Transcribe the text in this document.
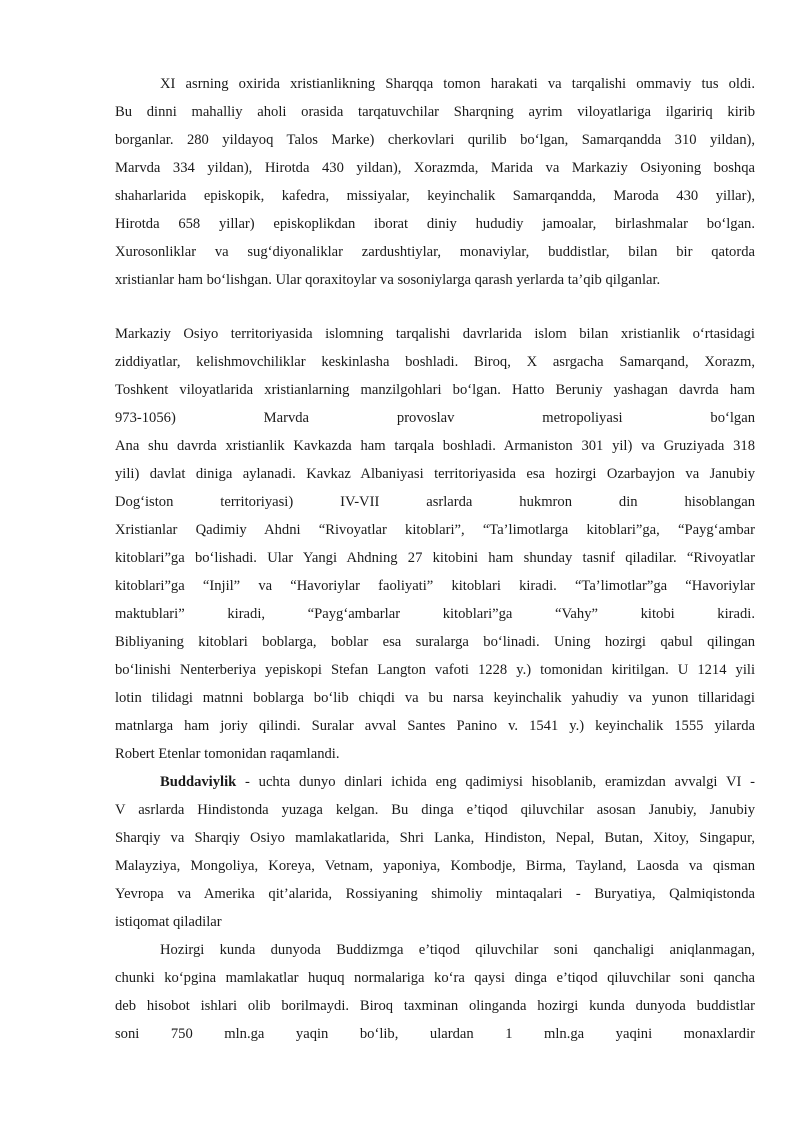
XI asrning oxirida xristianlikning Sharqqa tomon harakati va tarqalishi ommaviy tus oldi.
Bu dinni mahalliy aholi orasida tarqatuvchilar Sharqning ayrim viloyatlariga ilgaririq kirib
borganlar. 280 yildayoq Talos Marke) cherkovlari qurilib bo‘lgan, Samarqandda 310 yildan),
Marvda 334 yildan), Hirotda 430 yildan), Xorazmda, Marida va Markaziy Osiyoning boshqa
shaharlarida episkopik, kafedra, missiyalar, keyinchalik Samarqandda, Maroda 430 yillar),
Hirotda 658 yillar) episkoplikdan iborat diniy hududiy jamoalar, birlashmalar bo‘lgan.
Xurosonliklar va sug‘diyonaliklar zardushtiylar, monaviylar, buddistlar, bilan bir qatorda
xristianlar ham bo‘lishgan. Ular qoraxitoylar va sosoniylarga qarash yerlarda ta’qib qilganlar.
Markaziy Osiyo territoriyasida islomning tarqalishi davrlarida islom bilan xristianlik o‘rtasidagi
ziddiyatlar, kelishmovchiliklar keskinlasha boshladi. Biroq, X asrgacha Samarqand, Xorazm,
Toshkent viloyatlarida xristianlarning manzilgohlari bo‘lgan. Hatto Beruniy yashagan davrda ham
973-1056) Marvda provoslav metropoliyasi bo‘lgan
Ana shu davrda xristianlik Kavkazda ham tarqala boshladi. Armaniston 301 yil) va Gruziyada 318
yili) davlat diniga aylanadi. Kavkaz Albaniyasi territoriyasida esa hozirgi Ozarbayjon va Janubiy
Dog‘iston territoriyasi) IV-VII asrlarda hukmron din hisoblangan
Xristianlar Qadimiy Ahdni “Rivoyatlar kitoblari”, “Ta’limotlarga kitoblari”ga, “Payg‘ambar
kitoblari”ga bo‘lishadi. Ular Yangi Ahdning 27 kitobini ham shunday tasnif qiladilar. “Rivoyatlar
kitoblari”ga “Injil” va “Havoriylar faoliyati” kitoblari kiradi. “Ta’limotlar”ga “Havoriylar
maktublari” kiradi, “Payg‘ambarlar kitoblari”ga “Vahy” kitobi kiradi.
Bibliyaning kitoblari boblarga, boblar esa suralarga bo‘linadi. Uning hozirgi qabul qilingan
bo‘linishi Nenterberiya yepiskopi Stefan Langton vafoti 1228 y.) tomonidan kiritilgan. U 1214 yili
lotin tilidagi matnni boblarga bo‘lib chiqdi va bu narsa keyinchalik yahudiy va yunon tillaridagi
matnlarga ham joriy qilindi. Suralar avval Santes Panino v. 1541 y.) keyinchalik 1555 yilarda
Robert Etenlar tomonidan raqamlandi.
Buddaviylik - uchta dunyo dinlari ichida eng qadimiysi hisoblanib, eramizdan avvalgi VI -
V asrlarda Hindistonda yuzaga kelgan. Bu dinga e’tiqod qiluvchilar asosan Janubiy, Janubiy
Sharqiy va Sharqiy Osiyo mamlakatlarida, Shri Lanka, Hindiston, Nepal, Butan, Xitoy, Singapur,
Malayziya, Mongoliya, Koreya, Vetnam, yaponiya, Kombodje, Birma, Tayland, Laosda va qisman
Yevropa va Amerika qit’alarida, Rossiyaning shimoliy mintaqalari - Buryatiya, Qalmiqistonda
istiqomat qiladilar
Hozirgi kunda dunyoda Buddizmga e’tiqod qiluvchilar soni qanchaligi aniqlanmagan,
chunki ko‘pgina mamlakatlar huquq normalariga ko‘ra qaysi dinga e’tiqod qiluvchilar soni qancha
deb hisobot ishlari olib borilmaydi. Biroq taxminan olinganda hozirgi kunda dunyoda buddistlar
soni 750 mln.ga yaqin bo‘lib, ulardan 1 mln.ga yaqini monaxlardir
